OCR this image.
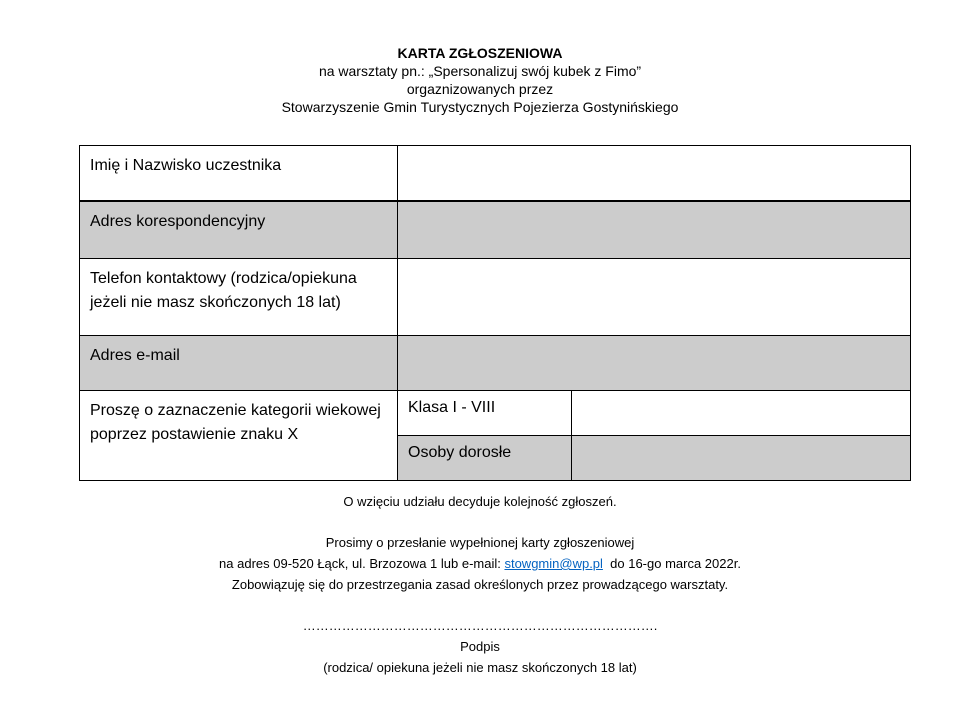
KARTA ZGŁOSZENIOWA
na warsztaty pn.: „Spersonalizuj swój kubek z Fimo”
orgaznizowanych przez
Stowarzyszenie Gmin Turystycznych Pojezierza Gostynińskiego
Imię i Nazwisko uczestnika
Adres korespondencyjny
Telefon kontaktowy (rodzica/opiekuna jeżeli nie masz skończonych 18 lat)
Adres e-mail
Proszę o zaznaczenie kategorii wiekowej poprzez postawienie znaku X
Klasa I - VIII
Osoby dorosłe
O wzięciu udziału decyduje kolejność zgłoszeń.
Prosimy o przesłanie wypełnionej karty zgłoszeniowej
na adres 09-520 Łąck, ul. Brzozowa 1 lub e-mail: stowgmin@wp.pl  do 16-go marca 2022r.
Zobowiązuję się do przestrzegania zasad określonych przez prowadzącego warsztaty.
……………………………………………………………………….
Podpis
(rodzica/ opiekuna jeżeli nie masz skończonych 18 lat)
